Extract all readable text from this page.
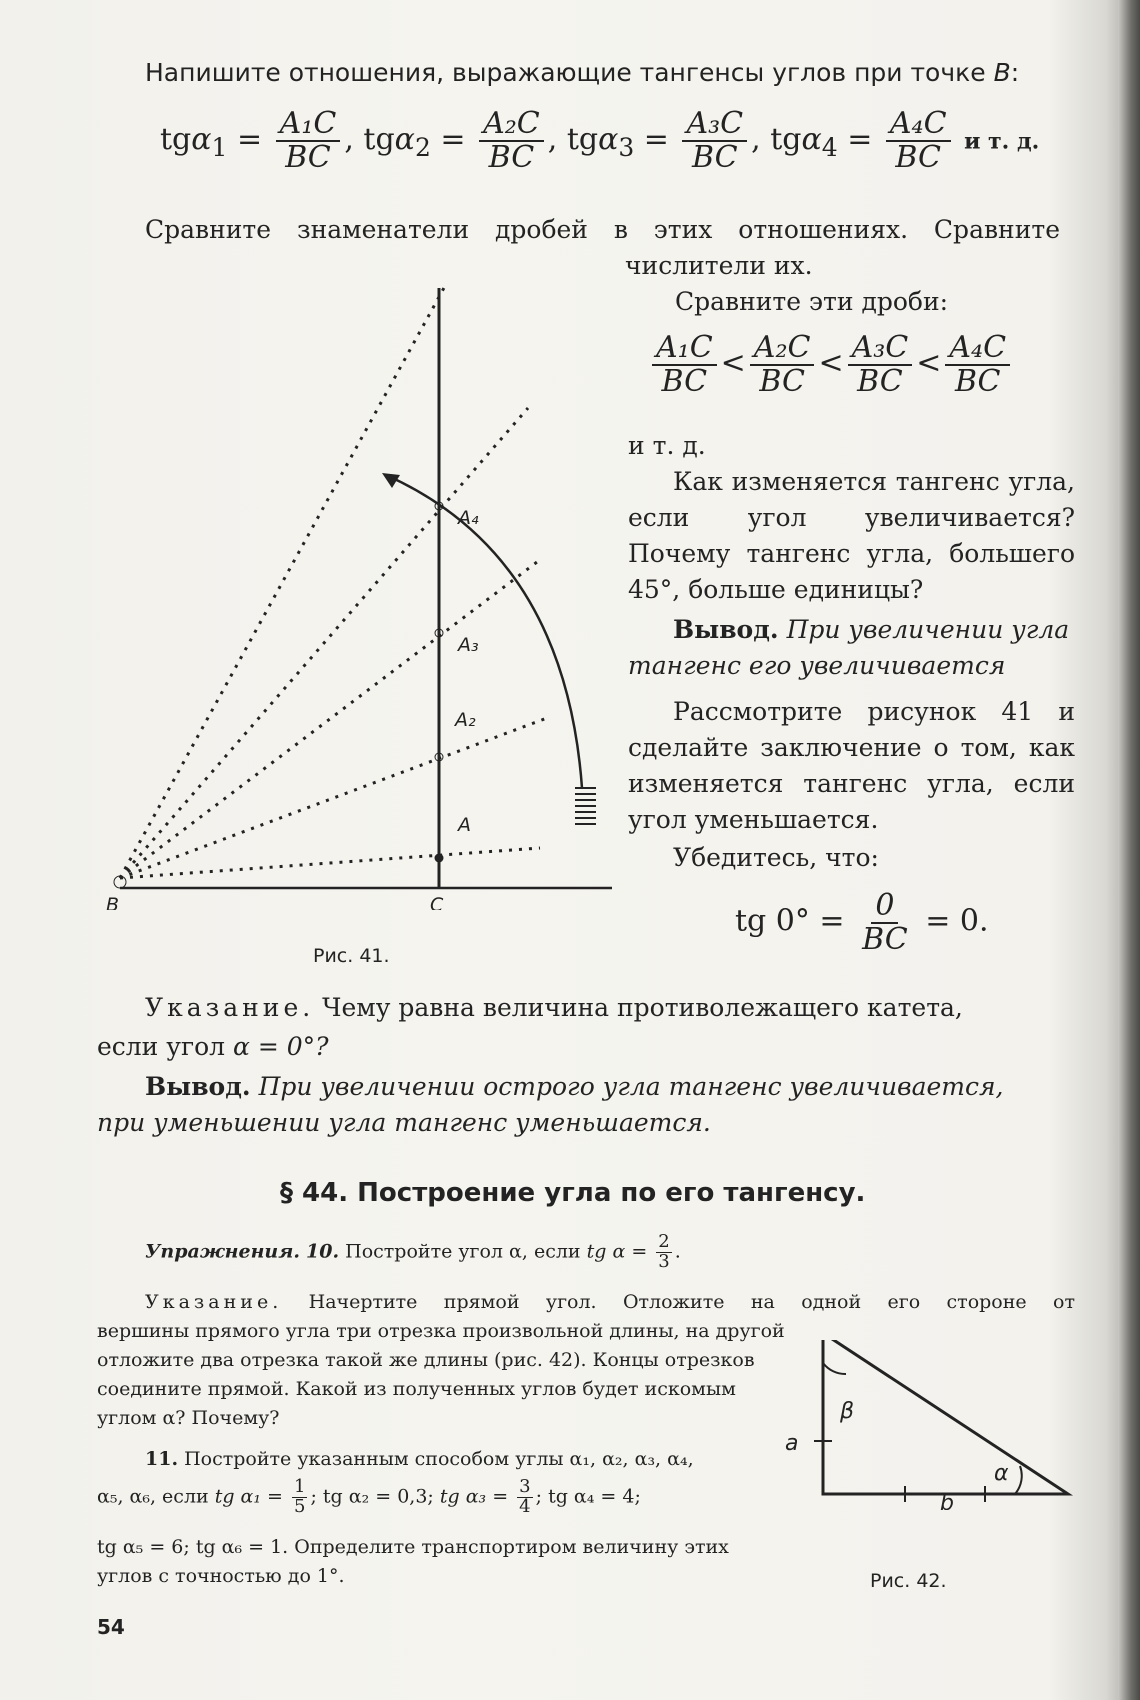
Напишите отношения, выражающие тангенсы углов при точке B:
$tg\alpha_1 = \frac{\text{A₁C}}{BC}$ , $tg\alpha_2 = \frac{\text{A₂C}}{BC}$ , $tg\alpha_3 = \frac{\text{A₃C}}{BC}$ , $tg\alpha_4 = \frac{\text{A₄C}}{BC}$ и т. д.
Сравните знаменатели дробей в этих отношениях. Сравните
числители их.
Сравните эти дроби:
$\frac{\text{A₁C}}{BC} < \frac{\text{A₂C}}{BC} < \frac{\text{A₃C}}{BC} < \frac{\text{A₄C}}{BC}$
и т. д.
Как изменяется тангенс угла, если угол увеличивается? Почему тангенс угла, большего 45°, больше единицы?
Вывод. При увеличении угла тангенс его увеличивается
Рассмотрите рисунок 41 и сделайте заключение о том, как изменяется тангенс угла, если угол уменьшается.
Убедитесь, что:
tg $0^\circ = \frac{0}{BC} = 0$.
A
A₂
A₃
A₄
B	C
Рис. 41.
Указание. Чему равна величина противолежащего катета,
если угол α = 0°?
Вывод. При увеличении острого угла тангенс увеличивается,
при уменьшении угла тангенс уменьшается.
§ 44. Построение угла по его тангенсу.
Упражнения. 10. Постройте угол α, если tg $\alpha = \frac{2}{3}$ .
Указание. Начертите прямой угол. Отложите на одной его стороне от
вершины прямого угла три отрезка произвольной длины, на другой отложите два отрезка такой же длины (рис. 42). Концы отрезков соедините прямой. Какой из полученных углов будет искомым углом α? Почему?
11. Постройте указанным способом углы α₁, α₂, α₃, α₄,
α₅, α₆, если tg $\alpha_1 = \frac{1}{5}$ ; tg α₂ = 0,3; tg $\alpha_3 = \frac{3}{4}$ ; tg α₄ = 4;
tg α₅ = 6; tg α₆ = 1. Определите транспортиром величину этих углов с точностью до 1°.
β
α
a
b
Рис. 42.
54
